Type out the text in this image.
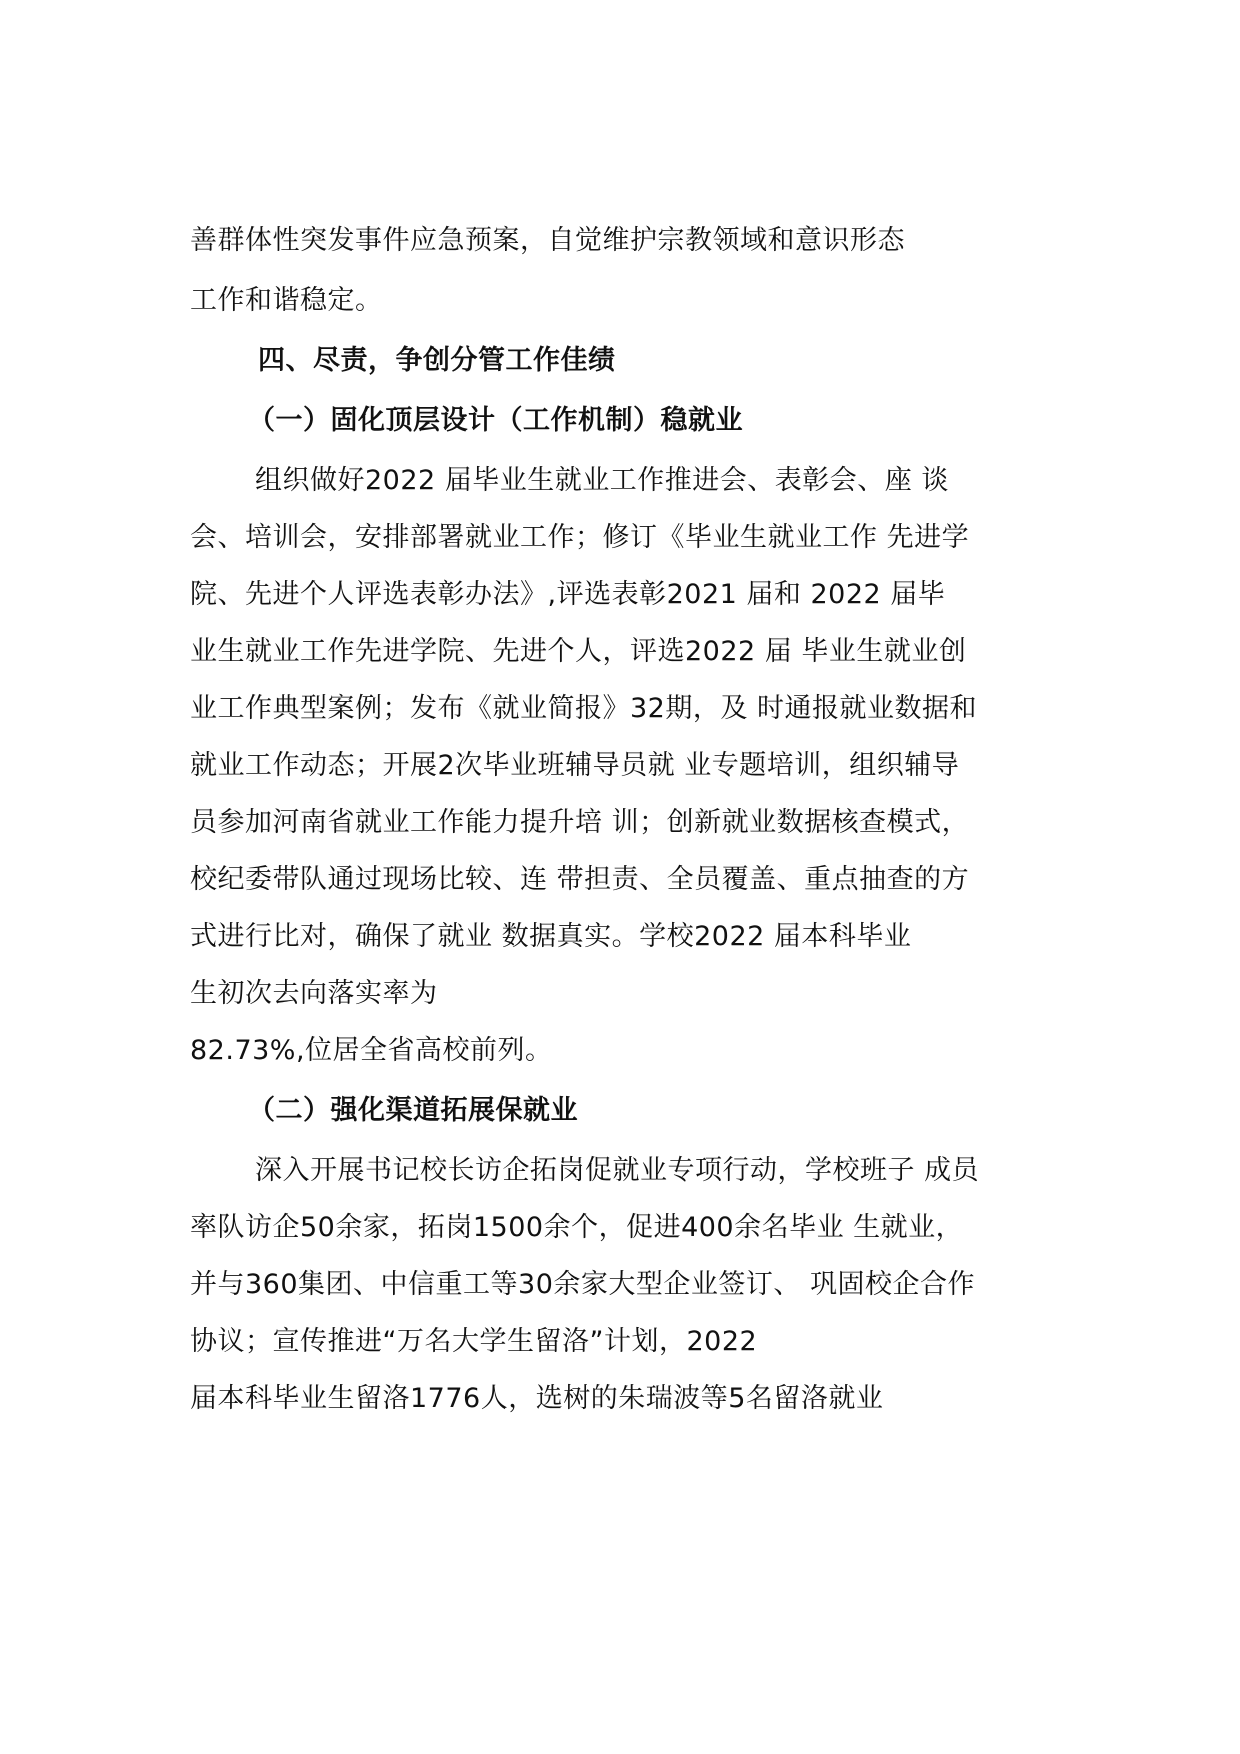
善群体性突发事件应急预案，自觉维护宗教领域和意识形态
工作和谐稳定。
四、尽责，争创分管工作佳绩
（一）固化顶层设计（工作机制）稳就业
组织做好2022 届毕业生就业工作推进会、表彰会、座 谈
会、培训会，安排部署就业工作；修订《毕业生就业工作 先进学
院、先进个人评选表彰办法》,评选表彰2021 届和 2022 届毕
业生就业工作先进学院、先进个人，评选2022 届 毕业生就业创
业工作典型案例；发布《就业简报》32期，及 时通报就业数据和
就业工作动态；开展2次毕业班辅导员就 业专题培训，组织辅导
员参加河南省就业工作能力提升培 训；创新就业数据核查模式，
校纪委带队通过现场比较、连 带担责、全员覆盖、重点抽查的方
式进行比对，确保了就业 数据真实。学校2022 届本科毕业
生初次去向落实率为
82.73%,位居全省高校前列。
（二）强化渠道拓展保就业
深入开展书记校长访企拓岗促就业专项行动，学校班子 成员
率队访企50余家，拓岗1500余个，促进400余名毕业 生就业，
并与360集团、中信重工等30余家大型企业签订、 巩固校企合作
协议；宣传推进“万名大学生留洛”计划，2022
届本科毕业生留洛1776人，选树的朱瑞波等5名留洛就业
